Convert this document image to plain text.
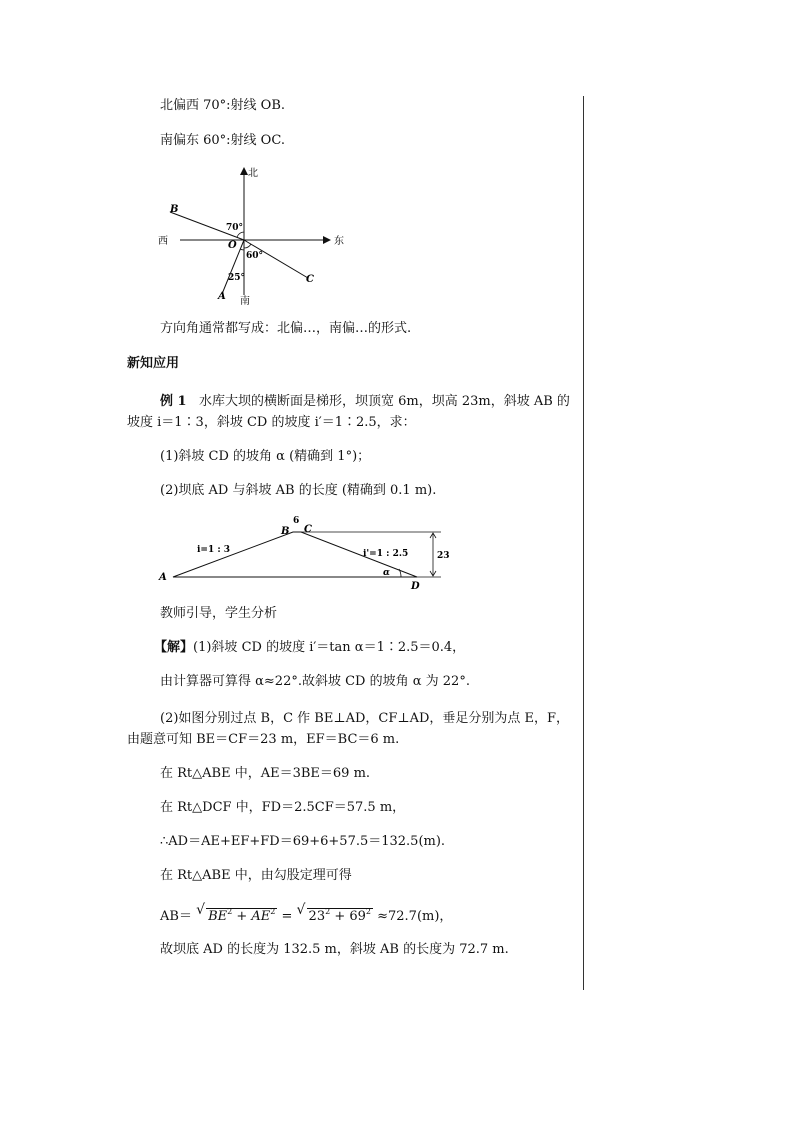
北偏西 70°:射线 OB.
南偏东 60°:射线 OC.
北
南
东
西
B
O
C
A
70°
60°
25°
方向角通常都写成：北偏…，南偏…的形式.
新知应用
例 1 水库大坝的横断面是梯形，坝顶宽 6m，坝高 23m，斜坡 AB 的
坡度 i＝1∶3，斜坡 CD 的坡度 i′＝1∶2.5，求：
(1)斜坡 CD 的坡角 α (精确到 1°)；
(2)坝底 AD 与斜坡 AB 的长度 (精确到 0.1 m).
6
B C
A
D
i=1 : 3	i'=1 : 2.5	23
α
教师引导，学生分析
【解】(1)斜坡 CD 的坡度 i′＝tan α＝1∶2.5＝0.4，
由计算器可算得 α≈22°.故斜坡 CD 的坡角 α 为 22°.
(2)如图分别过点 B，C 作 BE⊥AD，CF⊥AD，垂足分别为点 E，F，
由题意可知 BE＝CF＝23 m，EF＝BC＝6 m.
在 Rt△ABE 中，AE＝3BE＝69 m.
在 Rt△DCF 中，FD＝2.5CF＝57.5 m，
∴AD＝AE+EF+FD＝69+6+57.5＝132.5(m).
在 Rt△ABE 中，由勾股定理可得
AB＝ √ $BE^2 + AE^2$ = √ $23^2 + 69^2 \approx 72.7(m)$，
故坝底 AD 的长度为 132.5 m，斜坡 AB 的长度为 72.7 m.
